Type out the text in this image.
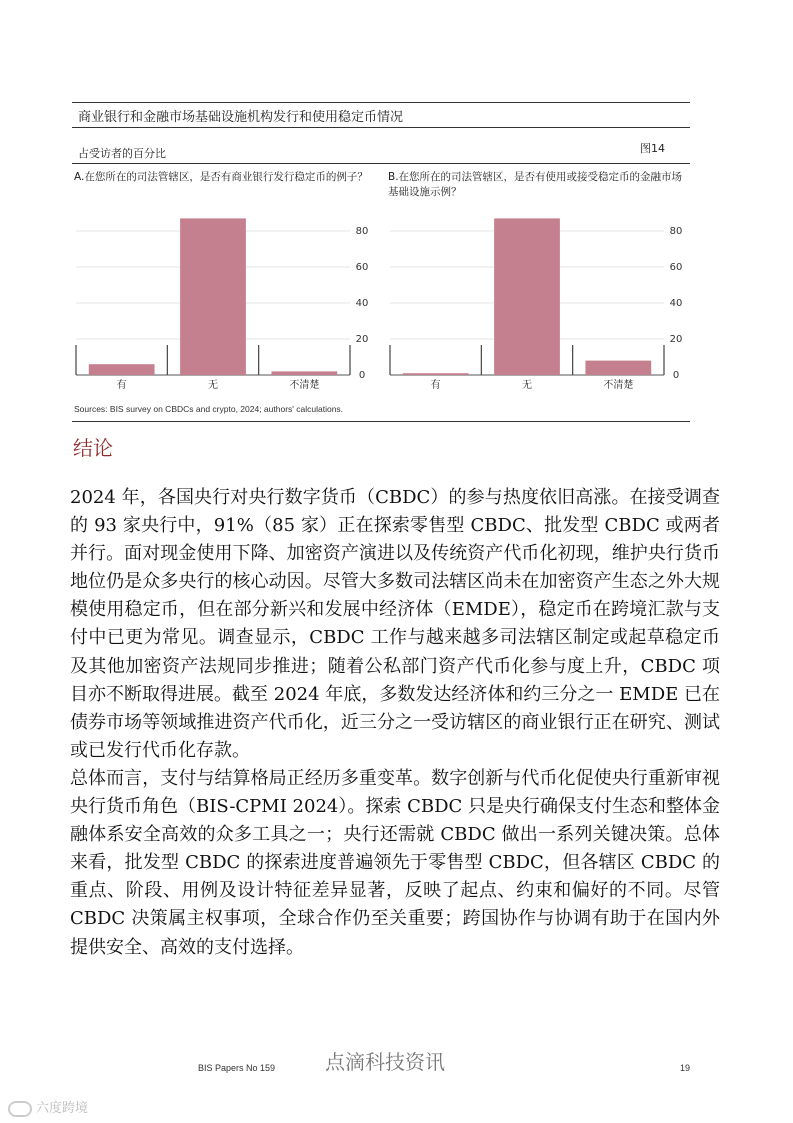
商业银行和金融市场基础设施机构发行和使用稳定币情况
占受访者的百分比	图14
A.在您所在的司法管辖区，是否有商业银行发行稳定币的例子？	B.在您所在的司法管辖区，是否有使用或接受稳定币的金融市场基础设施示例？
0
20
40
60
80
有	无	不清楚
0
20
40
60
80
有	无	不清楚
Sources: BIS survey on CBDCs and crypto, 2024; authors' calculations.
结论

2024 年，各国央行对央行数字货币（CBDC）的参与热度依旧高涨。在接受调查的 93 家央行中，91%（85 家）正在探索零售型 CBDC、批发型 CBDC 或两者并行。面对现金使用下降、加密资产演进以及传统资产代币化初现，维护央行货币地位仍是众多央行的核心动因。尽管大多数司法辖区尚未在加密资产生态之外大规模使用稳定币，但在部分新兴和发展中经济体（EMDE），稳定币在跨境汇款与支付中已更为常见。调查显示，CBDC 工作与越来越多司法辖区制定或起草稳定币及其他加密资产法规同步推进；随着公私部门资产代币化参与度上升，CBDC 项目亦不断取得进展。截至 2024 年底，多数发达经济体和约三分之一 EMDE 已在债券市场等领域推进资产代币化，近三分之一受访辖区的商业银行正在研究、测试或已发行代币化存款。

总体而言，支付与结算格局正经历多重变革。数字创新与代币化促使央行重新审视央行货币角色（BIS-CPMI 2024）。探索 CBDC 只是央行确保支付生态和整体金融体系安全高效的众多工具之一；央行还需就 CBDC 做出一系列关键决策。总体来看，批发型 CBDC 的探索进度普遍领先于零售型 CBDC，但各辖区 CBDC 的重点、阶段、用例及设计特征差异显著，反映了起点、约束和偏好的不同。尽管 CBDC 决策属主权事项，全球合作仍至关重要；跨国协作与协调有助于在国内外提供安全、高效的支付选择。

BIS Papers No 159 点滴科技资讯	19
六度跨境
